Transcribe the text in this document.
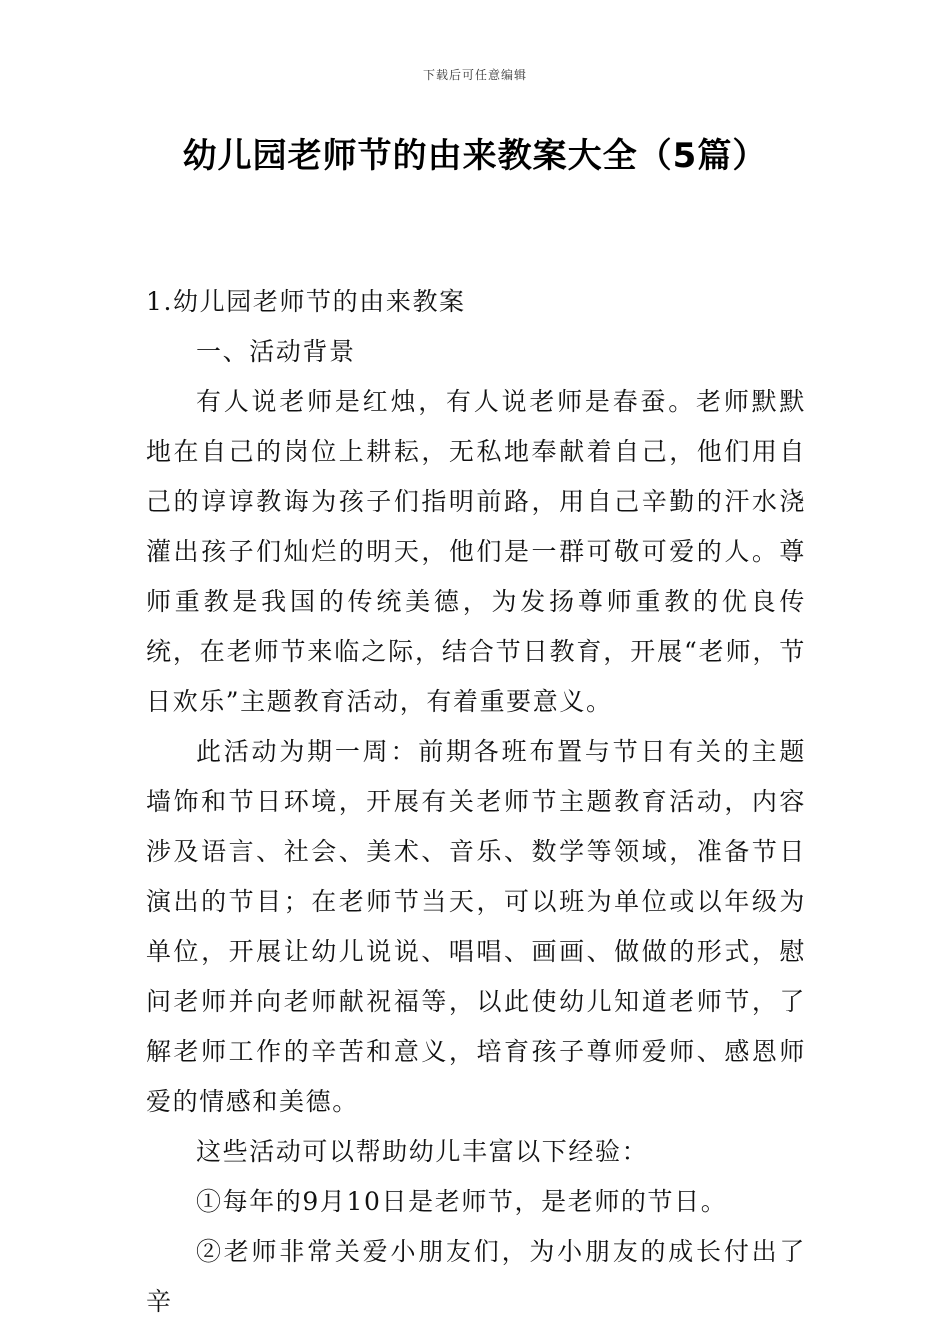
下载后可任意编辑
幼儿园老师节的由来教案大全（5篇）

1.幼儿园老师节的由来教案

一、活动背景

有人说老师是红烛，有人说老师是春蚕。老师默默地在自己的岗位上耕耘，无私地奉献着自己，他们用自己的谆谆教诲为孩子们指明前路，用自己辛勤的汗水浇灌出孩子们灿烂的明天，他们是一群可敬可爱的人。尊师重教是我国的传统美德，为发扬尊师重教的优良传统，在老师节来临之际，结合节日教育，开展“老师，节日欢乐”主题教育活动，有着重要意义。

此活动为期一周：前期各班布置与节日有关的主题墙饰和节日环境，开展有关老师节主题教育活动，内容涉及语言、社会、美术、音乐、数学等领域，准备节日演出的节目；在老师节当天，可以班为单位或以年级为单位，开展让幼儿说说、唱唱、画画、做做的形式，慰问老师并向老师献祝福等，以此使幼儿知道老师节，了解老师工作的辛苦和意义，培育孩子尊师爱师、感恩师爱的情感和美德。

这些活动可以帮助幼儿丰富以下经验：

①每年的9月10日是老师节，是老师的节日。

②老师非常关爱小朋友们，为小朋友的成长付出了辛
